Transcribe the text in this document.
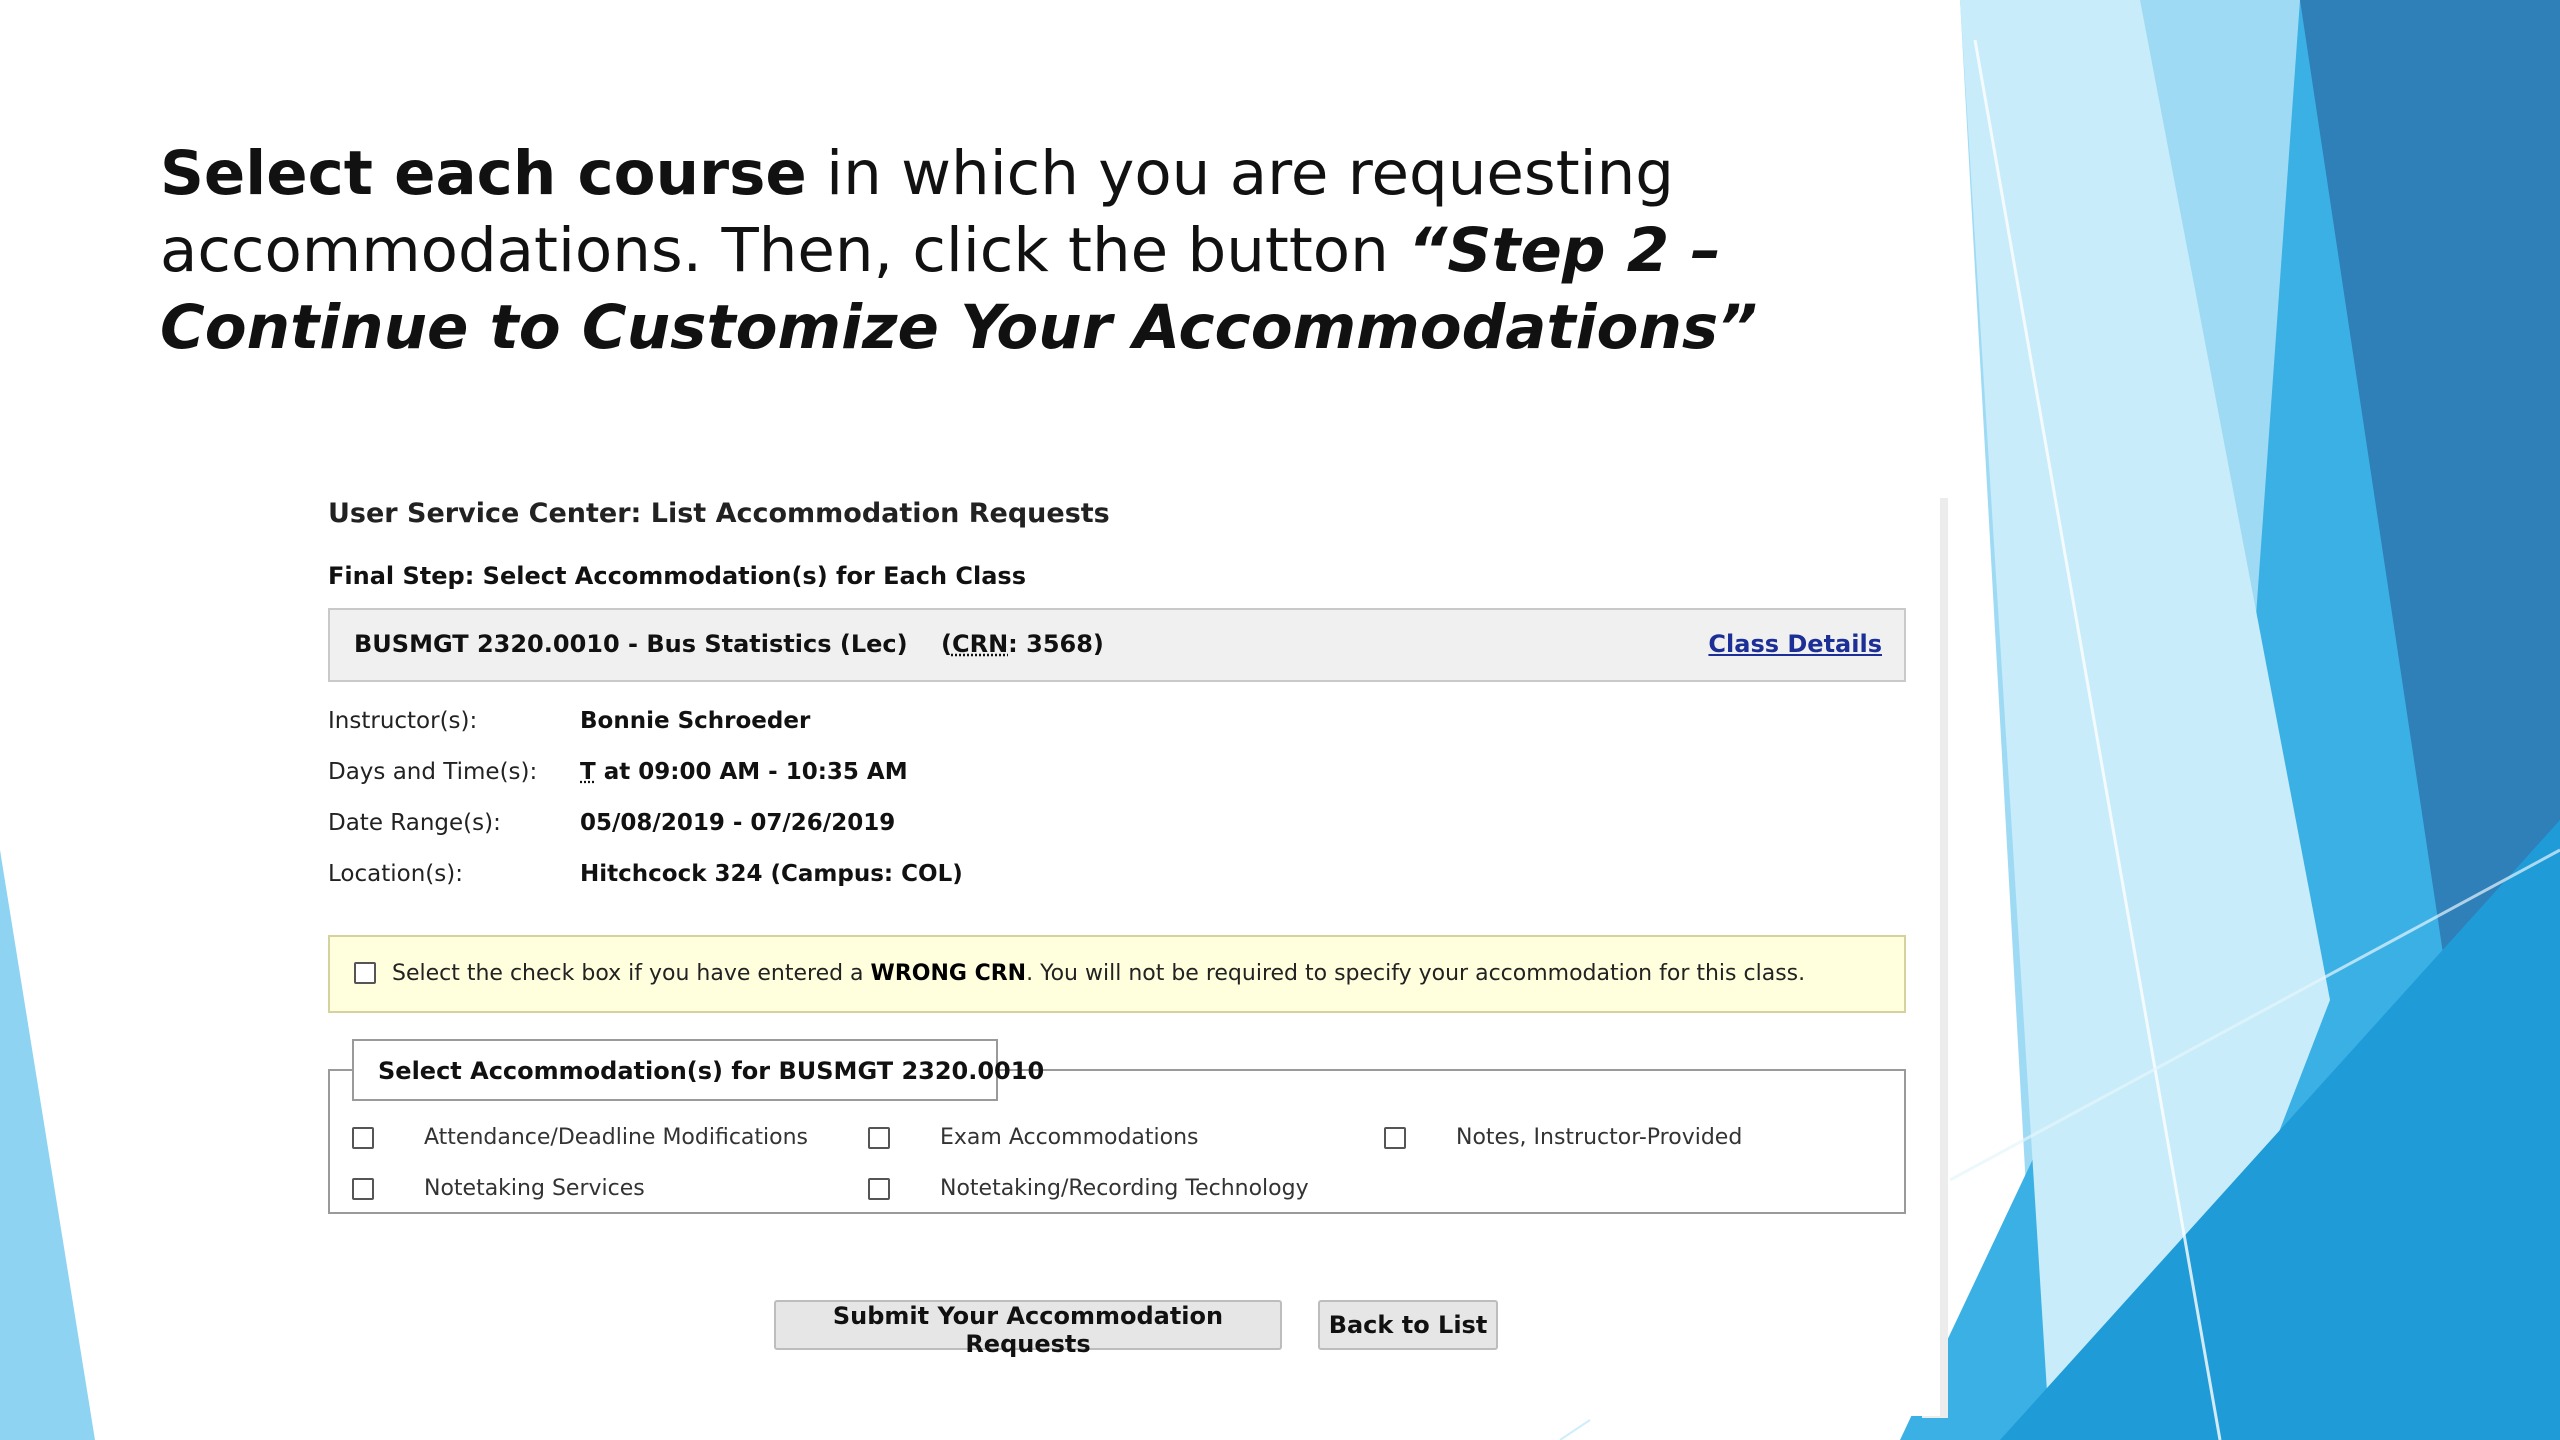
Select each course in which you are requesting accommodations. Then, click the button “Step 2 – Continue to Customize Your Accommodations”
User Service Center: List Accommodation Requests
Final Step: Select Accommodation(s) for Each Class
BUSMGT 2320.0010 - Bus Statistics (Lec) (CRN: 3568)	Class Details
Instructor(s):	Bonnie Schroeder
Days and Time(s):	T at 09:00 AM - 10:35 AM
Date Range(s):	05/08/2019 - 07/26/2019
Location(s):	Hitchcock 324 (Campus: COL)
Select the check box if you have entered a WRONG CRN. You will not be required to specify your accommodation for this class.
Select Accommodation(s) for BUSMGT 2320.0010
Attendance/Deadline Modifications	Exam Accommodations	Notes, Instructor-Provided
Notetaking Services	Notetaking/Recording Technology
Submit Your Accommodation Requests
Back to List
